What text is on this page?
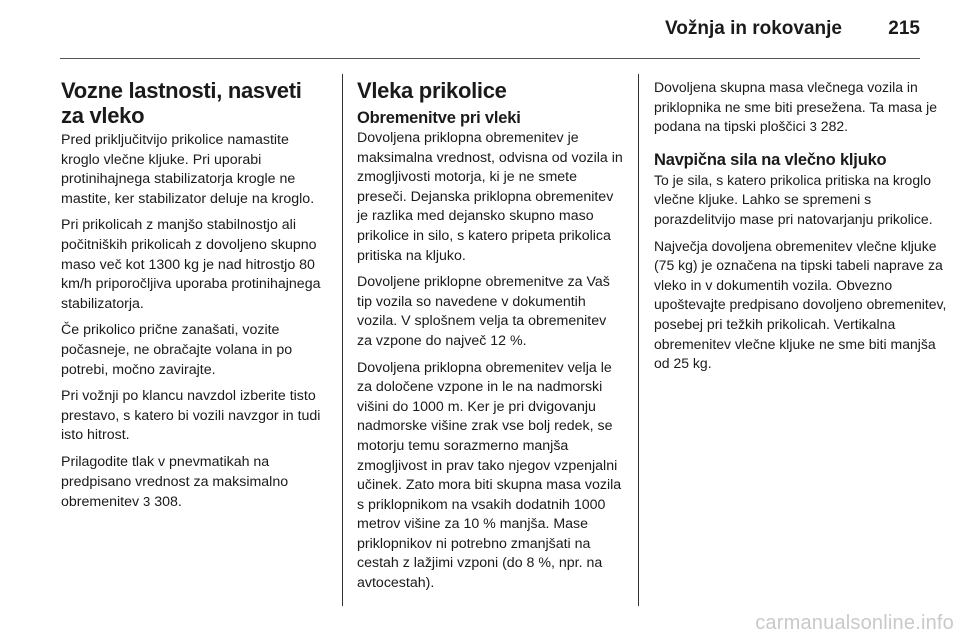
Vožnja in rokovanje	215
Vozne lastnosti, nasveti za vleko

Pred priključitvijo prikolice namastite kroglo vlečne kljuke. Pri uporabi protinihajnega stabilizatorja krogle ne mastite, ker stabilizator deluje na kroglo.

Pri prikolicah z manjšo stabilnostjo ali počitniških prikolicah z dovoljeno skupno maso več kot 1300 kg je nad hitrostjo 80 km/h priporočljiva uporaba protinihajnega stabilizatorja.

Če prikolico prične zanašati, vozite počasneje, ne obračajte volana in po potrebi, močno zavirajte.

Pri vožnji po klancu navzdol izberite tisto prestavo, s katero bi vozili navzgor in tudi isto hitrost.

Prilagodite tlak v pnevmatikah na predpisano vrednost za maksimalno obremenitev 3 308.

Vleka prikolice
Obremenitve pri vleki

Dovoljena priklopna obremenitev je maksimalna vrednost, odvisna od vozila in zmogljivosti motorja, ki je ne smete preseči. Dejanska priklopna obremenitev je razlika med dejansko skupno maso prikolice in silo, s katero pripeta prikolica pritiska na kljuko.

Dovoljene priklopne obremenitve za Vaš tip vozila so navedene v dokumentih vozila. V splošnem velja ta obremenitev za vzpone do največ 12 %.

Dovoljena priklopna obremenitev velja le za določene vzpone in le na nadmorski višini do 1000 m. Ker je pri dvigovanju nadmorske višine zrak vse bolj redek, se motorju temu sorazmerno manjša zmogljivost in prav tako njegov vzpenjalni učinek. Zato mora biti skupna masa vozila s priklopnikom na vsakih dodatnih 1000 metrov višine za 10 % manjša. Mase priklopnikov ni potrebno zmanjšati na cestah z lažjimi vzponi (do 8 %, npr. na avtocestah).

Dovoljena skupna masa vlečnega vozila in priklopnika ne sme biti presežena. Ta masa je podana na tipski ploščici 3 282.

Navpična sila na vlečno kljuko

To je sila, s katero prikolica pritiska na kroglo vlečne kljuke. Lahko se spremeni s porazdelitvijo mase pri natovarjanju prikolice.

Največja dovoljena obremenitev vlečne kljuke (75 kg) je označena na tipski tabeli naprave za vleko in v dokumentih vozila. Obvezno upoštevajte predpisano dovoljeno obremenitev, posebej pri težkih prikolicah. Vertikalna obremenitev vlečne kljuke ne sme biti manjša od 25 kg.

carmanualsonline.info
